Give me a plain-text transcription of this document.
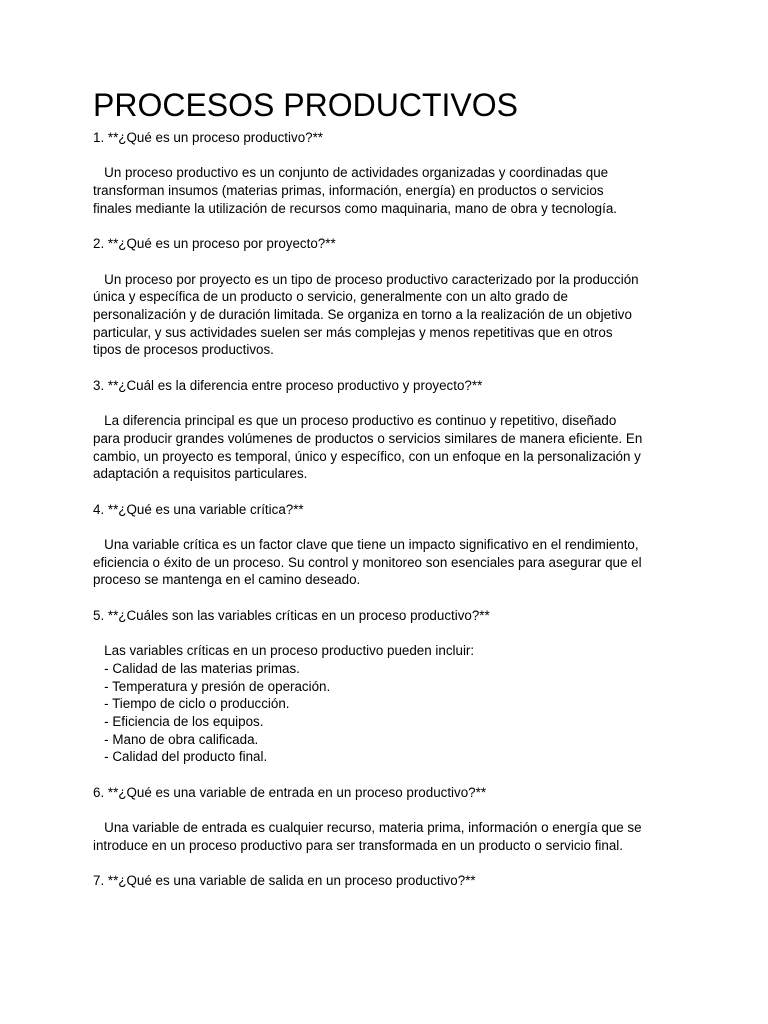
PROCESOS PRODUCTIVOS

1. **¿Qué es un proceso productivo?**

Un proceso productivo es un conjunto de actividades organizadas y coordinadas que

transforman insumos (materias primas, información, energía) en productos o servicios

finales mediante la utilización de recursos como maquinaria, mano de obra y tecnología.

2. **¿Qué es un proceso por proyecto?**

Un proceso por proyecto es un tipo de proceso productivo caracterizado por la producción

única y específica de un producto o servicio, generalmente con un alto grado de

personalización y de duración limitada. Se organiza en torno a la realización de un objetivo

particular, y sus actividades suelen ser más complejas y menos repetitivas que en otros

tipos de procesos productivos.

3. **¿Cuál es la diferencia entre proceso productivo y proyecto?**

La diferencia principal es que un proceso productivo es continuo y repetitivo, diseñado

para producir grandes volúmenes de productos o servicios similares de manera eficiente. En

cambio, un proyecto es temporal, único y específico, con un enfoque en la personalización y

adaptación a requisitos particulares.

4. **¿Qué es una variable crítica?**

Una variable crítica es un factor clave que tiene un impacto significativo en el rendimiento,

eficiencia o éxito de un proceso. Su control y monitoreo son esenciales para asegurar que el

proceso se mantenga en el camino deseado.

5. **¿Cuáles son las variables críticas en un proceso productivo?**

Las variables críticas en un proceso productivo pueden incluir:

- Calidad de las materias primas.

- Temperatura y presión de operación.

- Tiempo de ciclo o producción.

- Eficiencia de los equipos.

- Mano de obra calificada.

- Calidad del producto final.

6. **¿Qué es una variable de entrada en un proceso productivo?**

Una variable de entrada es cualquier recurso, materia prima, información o energía que se

introduce en un proceso productivo para ser transformada en un producto o servicio final.

7. **¿Qué es una variable de salida en un proceso productivo?**
